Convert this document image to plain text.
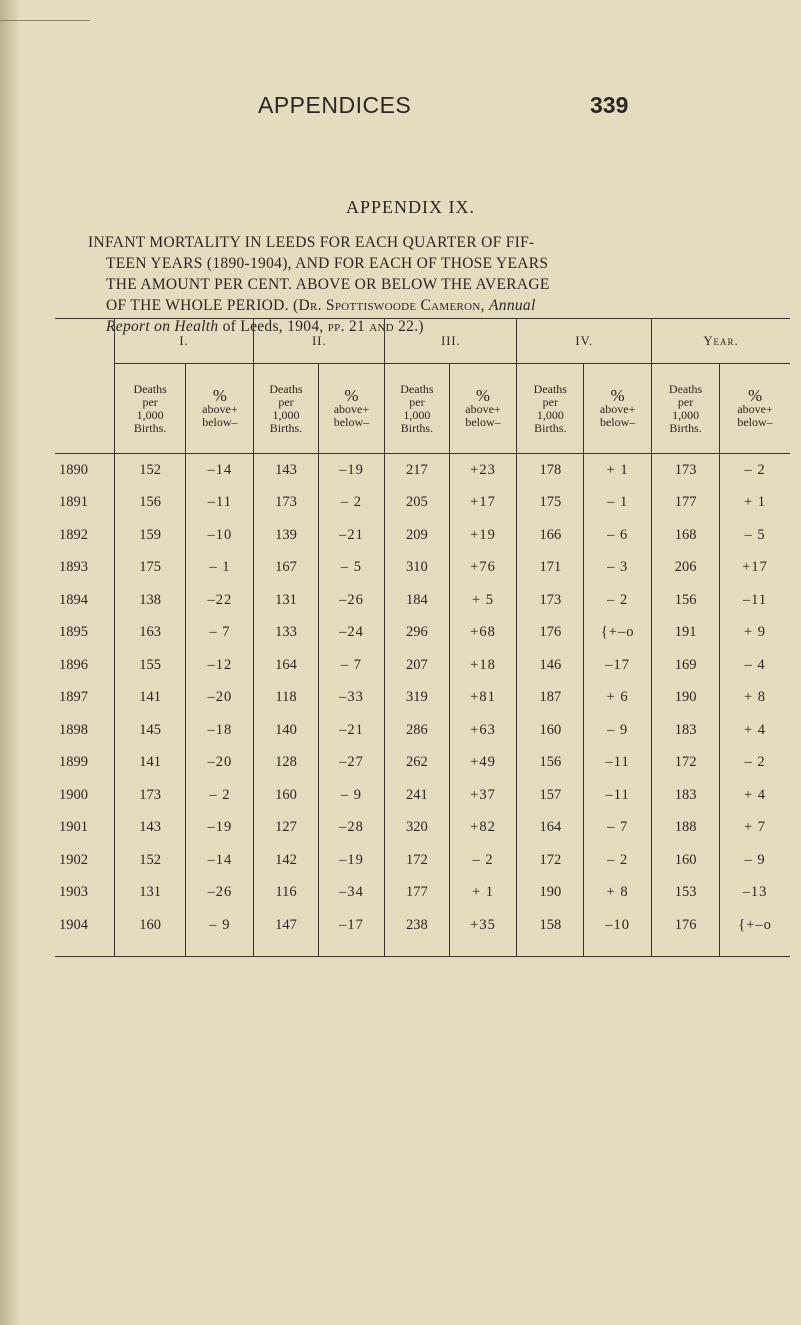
APPENDICES	339
APPENDIX IX.

INFANT MORTALITY IN LEEDS FOR EACH QUARTER OF FIF-

TEEN YEARS (1890-1904), AND FOR EACH OF THOSE YEARS

THE AMOUNT PER CENT. ABOVE OR BELOW THE AVERAGE

OF THE WHOLE PERIOD. (Dr. Spottiswoode Cameron, Annual

Report on Health of Leeds, 1904, pp. 21 and 22.)

	I.		II.		III.		IV.		Year.	
	Deaths
per
1,000
Births.	%
above+
below–	Deaths
per
1,000
Births.	%
above+
below–	Deaths
per
1,000
Births.	%
above+
below–	Deaths
per
1,000
Births.	%
above+
below–	Deaths
per
1,000
Births.	%
above+
below–

1890	152	–14	143	–19	217	+23	178	+ 1	173	– 2
1891	156	–11	173	– 2	205	+17	175	– 1	177	+ 1
1892	159	–10	139	–21	209	+19	166	– 6	168	– 5
1893	175	– 1	167	– 5	310	+76	171	– 3	206	+17
1894	138	–22	131	–26	184	+ 5	173	– 2	156	–11
1895	163	– 7	133	–24	296	+68	176	{+–o	191	+ 9
1896	155	–12	164	– 7	207	+18	146	–17	169	– 4
1897	141	–20	118	–33	319	+81	187	+ 6	190	+ 8
1898	145	–18	140	–21	286	+63	160	– 9	183	+ 4
1899	141	–20	128	–27	262	+49	156	–11	172	– 2
1900	173	– 2	160	– 9	241	+37	157	–11	183	+ 4
1901	143	–19	127	–28	320	+82	164	– 7	188	+ 7
1902	152	–14	142	–19	172	– 2	172	– 2	160	– 9
1903	131	–26	116	–34	177	+ 1	190	+ 8	153	–13
1904	160	– 9	147	–17	238	+35	158	–10	176	{+–o
